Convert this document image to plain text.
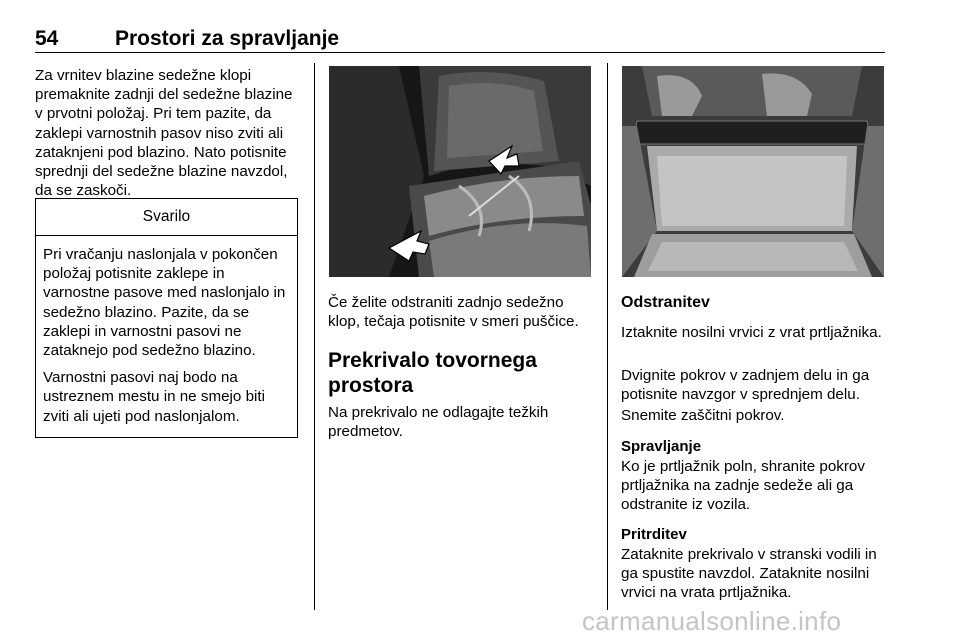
54	Prostori za spravljanje

Za vrnitev blazine sedežne klopi premaknite zadnji del sedežne blazine v prvotni položaj. Pri tem pazite, da zaklepi varnostnih pasov niso zviti ali zataknjeni pod blazino. Nato potisnite sprednji del sedežne blazine navzdol, da se zaskoči.

Svarilo

Pri vračanju naslonjala v pokončen položaj potisnite zaklepe in varnostne pasove med naslonjalo in sedežno blazino. Pazite, da se zaklepi in varnostni pasovi ne zataknejo pod sedežno blazino.

Varnostni pasovi naj bodo na ustreznem mestu in ne smejo biti zviti ali ujeti pod naslonjalom.

Če želite odstraniti zadnjo sedežno klop, tečaja potisnite v smeri puščice.

Prekrivalo tovornega prostora

Na prekrivalo ne odlagajte težkih predmetov.

Odstranitev

Iztaknite nosilni vrvici z vrat prtljažnika.

Dvignite pokrov v zadnjem delu in ga potisnite navzgor v sprednjem delu.

Snemite zaščitni pokrov.

Spravljanje

Ko je prtljažnik poln, shranite pokrov prtljažnika na zadnje sedeže ali ga odstranite iz vozila.

Pritrditev

Zataknite prekrivalo v stranski vodili in ga spustite navzdol. Zataknite nosilni vrvici na vrata prtljažnika.

carmanualsonline.info
